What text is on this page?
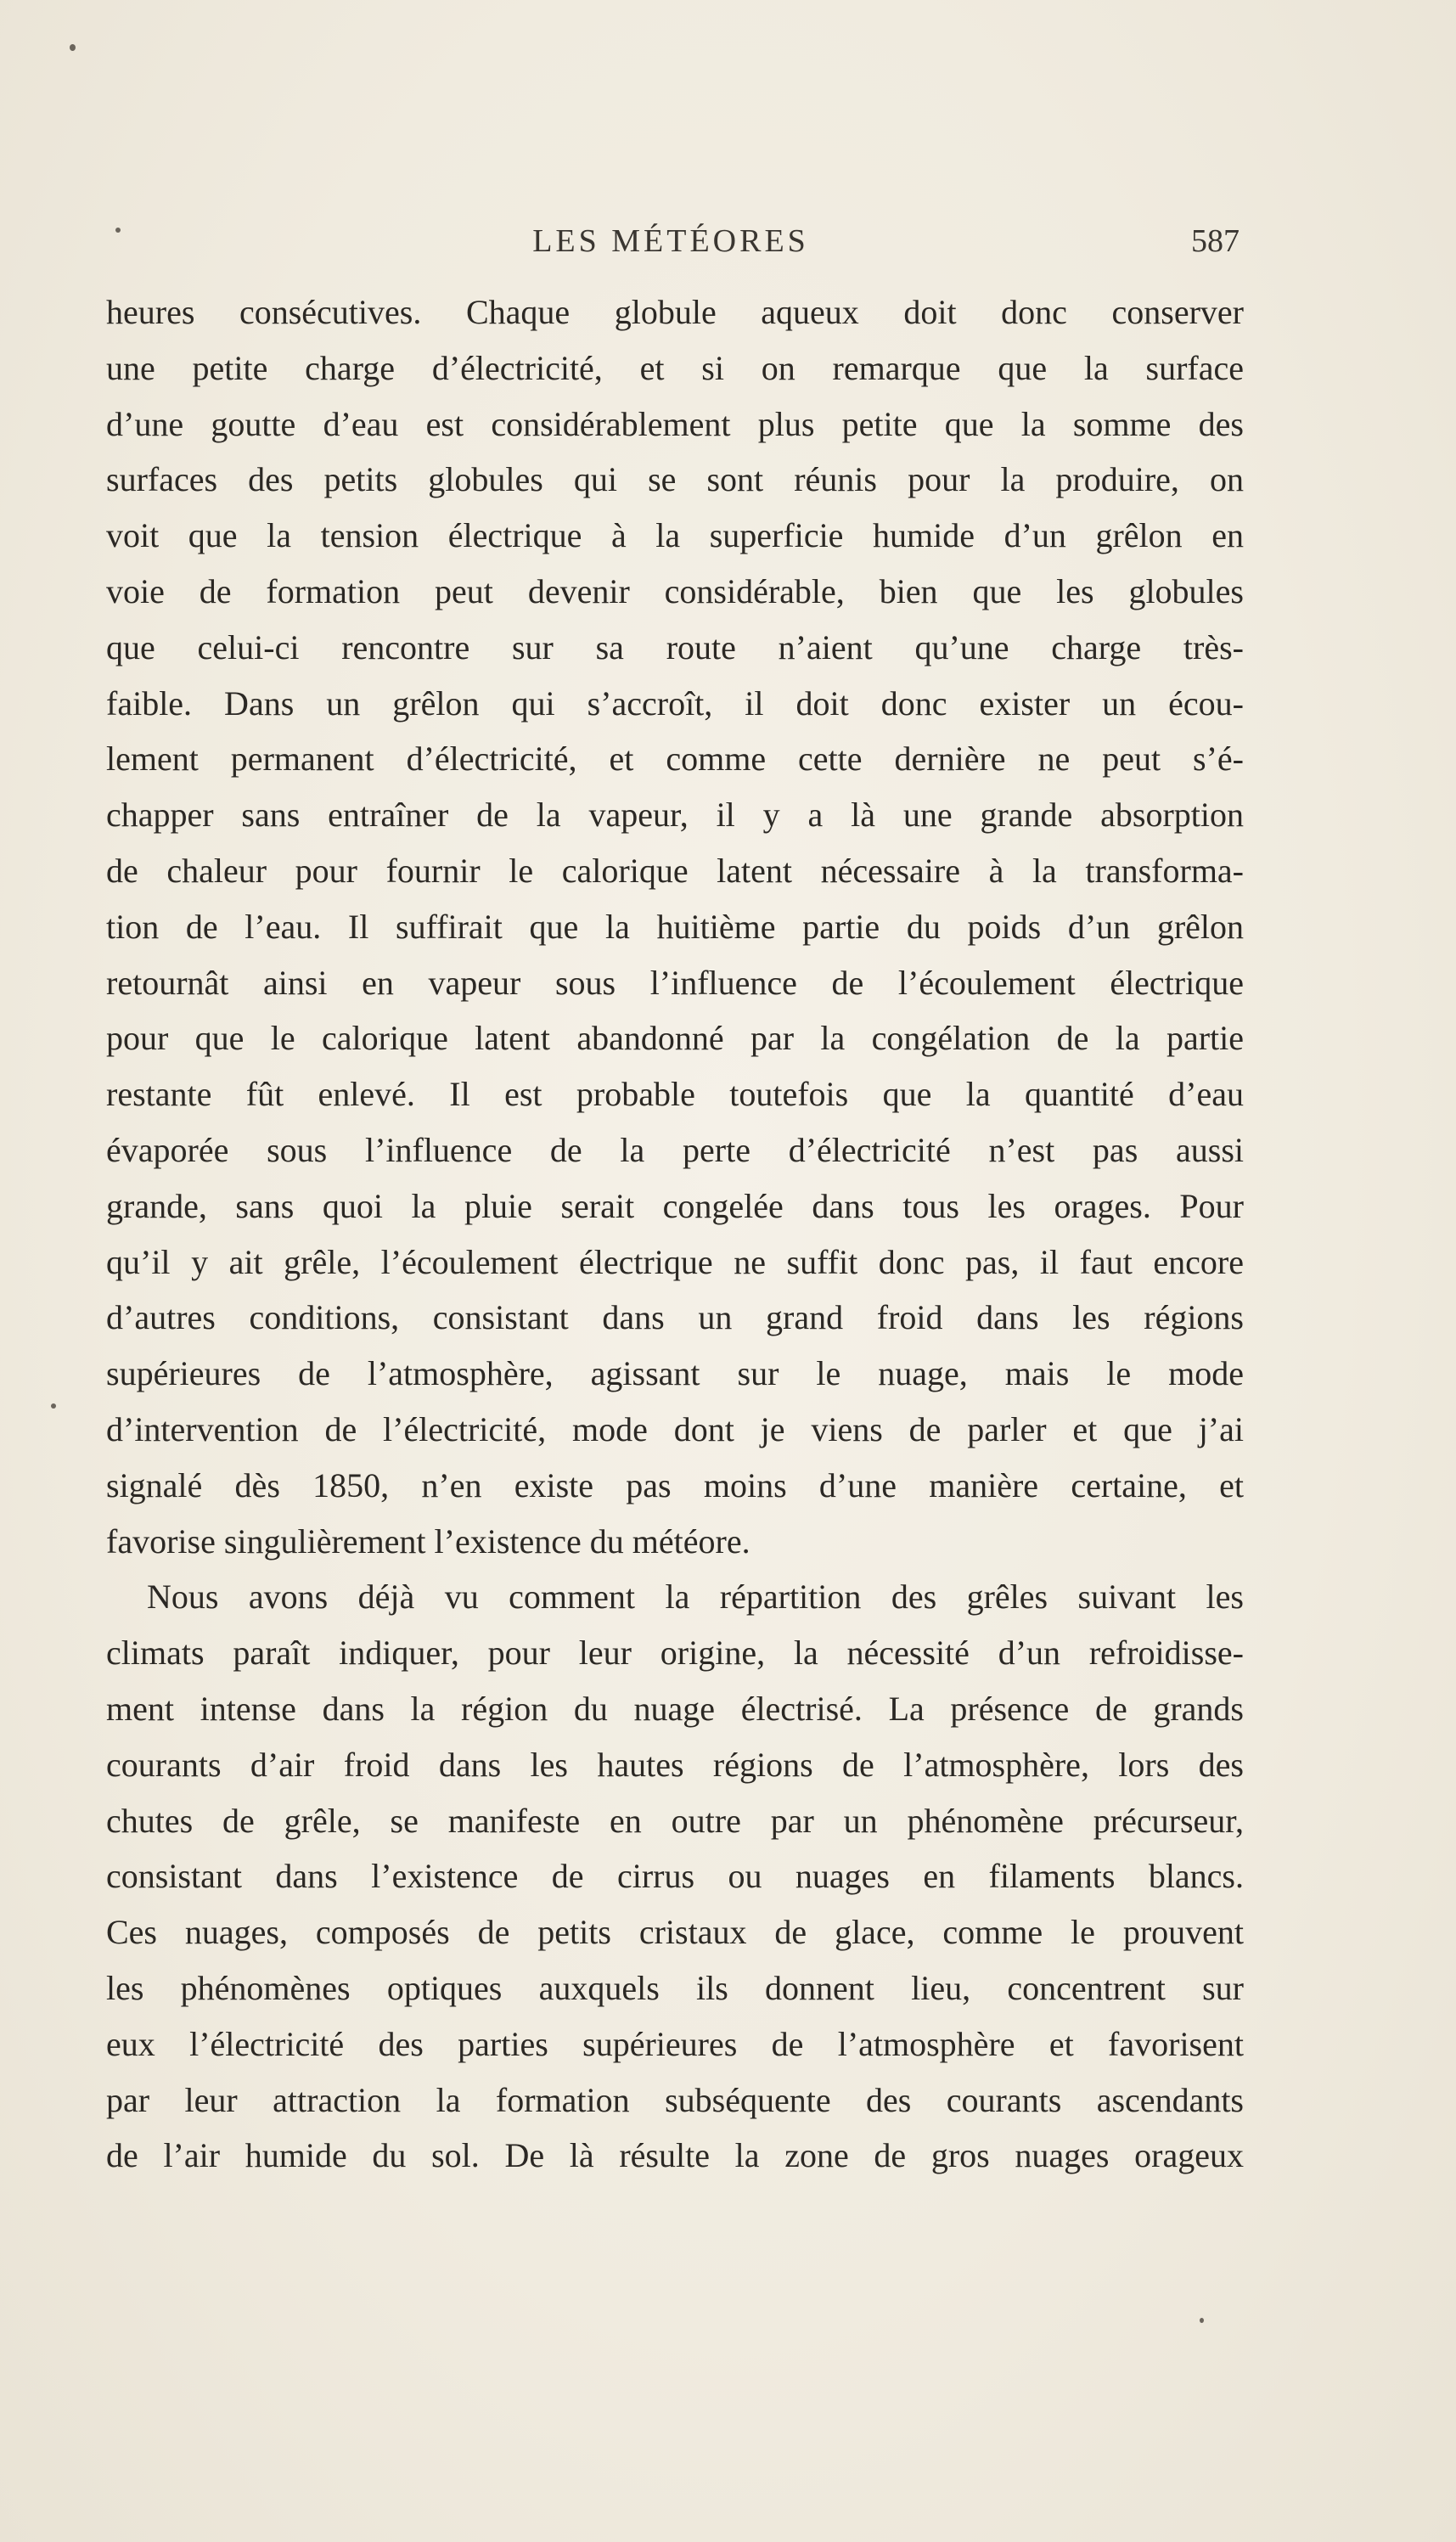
LES MÉTÉORES	587
heures consécutives. Chaque globule aqueux doit donc conserver
une petite charge d’électricité, et si on remarque que la surface
d’une goutte d’eau est considérablement plus petite que la somme des
surfaces des petits globules qui se sont réunis pour la produire, on
voit que la tension électrique à la superficie humide d’un grêlon en
voie de formation peut devenir considérable, bien que les globules
que celui-ci rencontre sur sa route n’aient qu’une charge très-
faible. Dans un grêlon qui s’accroît, il doit donc exister un écou-
lement permanent d’électricité, et comme cette dernière ne peut s’é-
chapper sans entraîner de la vapeur, il y a là une grande absorption
de chaleur pour fournir le calorique latent nécessaire à la transforma-
tion de l’eau. Il suffirait que la huitième partie du poids d’un grêlon
retournât ainsi en vapeur sous l’influence de l’écoulement électrique
pour que le calorique latent abandonné par la congélation de la partie
restante fût enlevé. Il est probable toutefois que la quantité d’eau
évaporée sous l’influence de la perte d’électricité n’est pas aussi
grande, sans quoi la pluie serait congelée dans tous les orages. Pour
qu’il y ait grêle, l’écoulement électrique ne suffit donc pas, il faut encore
d’autres conditions, consistant dans un grand froid dans les régions
supérieures de l’atmosphère, agissant sur le nuage, mais le mode
d’intervention de l’électricité, mode dont je viens de parler et que j’ai
signalé dès 1850, n’en existe pas moins d’une manière certaine, et
favorise singulièrement l’existence du météore.
Nous avons déjà vu comment la répartition des grêles suivant les
climats paraît indiquer, pour leur origine, la nécessité d’un refroidisse-
ment intense dans la région du nuage électrisé. La présence de grands
courants d’air froid dans les hautes régions de l’atmosphère, lors des
chutes de grêle, se manifeste en outre par un phénomène précurseur,
consistant dans l’existence de cirrus ou nuages en filaments blancs.
Ces nuages, composés de petits cristaux de glace, comme le prouvent
les phénomènes optiques auxquels ils donnent lieu, concentrent sur
eux l’électricité des parties supérieures de l’atmosphère et favorisent
par leur attraction la formation subséquente des courants ascendants
de l’air humide du sol. De là résulte la zone de gros nuages orageux
